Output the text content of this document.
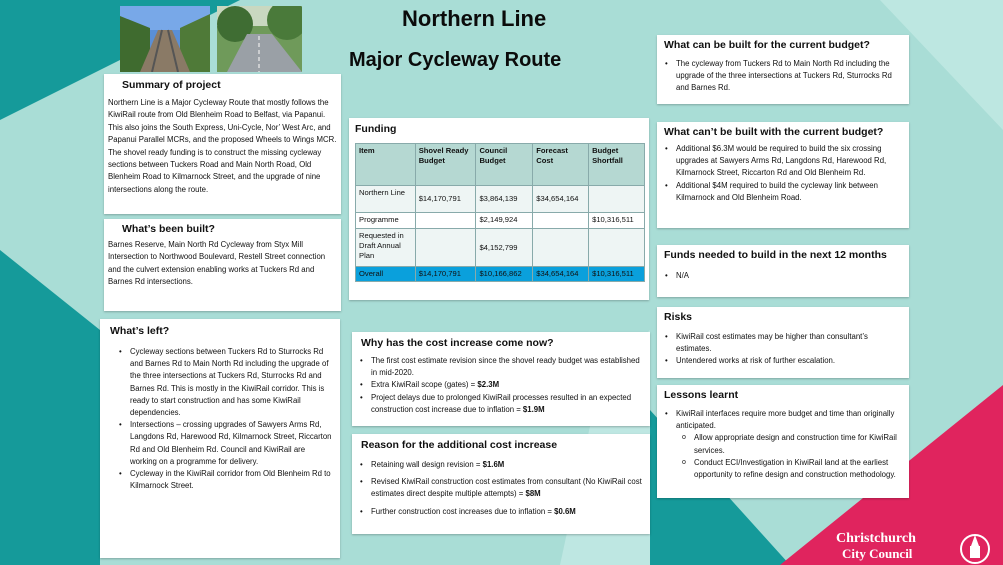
Northern Line
Major Cycleway Route
Summary of project
Northern Line is a Major Cycleway Route that mostly follows the KiwiRail route from Old Blenheim Road to Belfast, via Papanui. This also joins the South Express, Uni-Cycle, Nor’ West Arc, and Papanui Parallel MCRs, and the proposed Wheels to Wings MCR. The shovel ready funding is to construct the missing cycleway sections between Tuckers Road and Main North Road, Old Blenheim Road to Kilmarnock Street, and the upgrade of nine intersections along the route.
What’s been built?
Barnes Reserve, Main North Rd Cycleway from Styx Mill Intersection to Northwood Boulevard, Restell Street connection and the culvert extension enabling works at Tuckers Rd and Barnes Rd intersections.
What’s left?
• Cycleway sections between Tuckers Rd to Sturrocks Rd and Barnes Rd to Main North Rd including the upgrade of the three intersections at Tuckers Rd, Sturrocks Rd and Barnes Rd. This is mostly in the KiwiRail corridor. This is ready to start construction and has some KiwiRail dependencies.
• Intersections – crossing upgrades of Sawyers Arms Rd, Langdons Rd, Harewood Rd, Kilmarnock Street, Riccarton Rd and Old Blenheim Rd. Council and KiwiRail are working on a programme for delivery.
• Cycleway in the KiwiRail corridor from Old Blenheim Rd to Kilmarnock Street.
Funding
Item	Shovel Ready Budget	Council Budget	Forecast Cost	Budget Shortfall
Northern Line	$14,170,791	$3,864,139	$34,654,164	
Programme		$2,149,924		$10,316,511
Requested in Draft Annual Plan		$4,152,799		
Overall	$14,170,791	$10,166,862	$34,654,164	$10,316,511
Why has the cost increase come now?
• The first cost estimate revision since the shovel ready budget was established in mid-2020.
• Extra KiwiRail scope (gates) = $2.3M
• Project delays due to prolonged KiwiRail processes resulted in an expected construction cost increase due to inflation = $1.9M
Reason for the additional cost increase
• Retaining wall design revision = $1.6M
• Revised KiwiRail construction cost estimates from consultant (No KiwiRail cost estimates direct despite multiple attempts) = $8M
• Further construction cost increases due to inflation = $0.6M
What can be built for the current budget?
• The cycleway from Tuckers Rd to Main North Rd including the upgrade of the three intersections at Tuckers Rd, Sturrocks Rd and Barnes Rd.
What can’t be built with the current budget?
• Additional $6.3M would be required to build the six crossing upgrades at Sawyers Arms Rd, Langdons Rd, Harewood Rd, Kilmarnock Street, Riccarton Rd and Old Blenheim Rd.
• Additional $4M required to build the cycleway link between Kilmarnock and Old Blenheim Road.
Funds needed to build in the next 12 months
• N/A
Risks
• KiwiRail cost estimates may be higher than consultant’s estimates.
• Untendered works at risk of further escalation.
Lessons learnt
• KiwiRail interfaces require more budget and time than originally anticipated.
o Allow appropriate design and construction time for KiwiRail services.
o Conduct ECI/Investigation in KiwiRail land at the earliest opportunity to refine design and construction methodology.
Christchurch
City Council
